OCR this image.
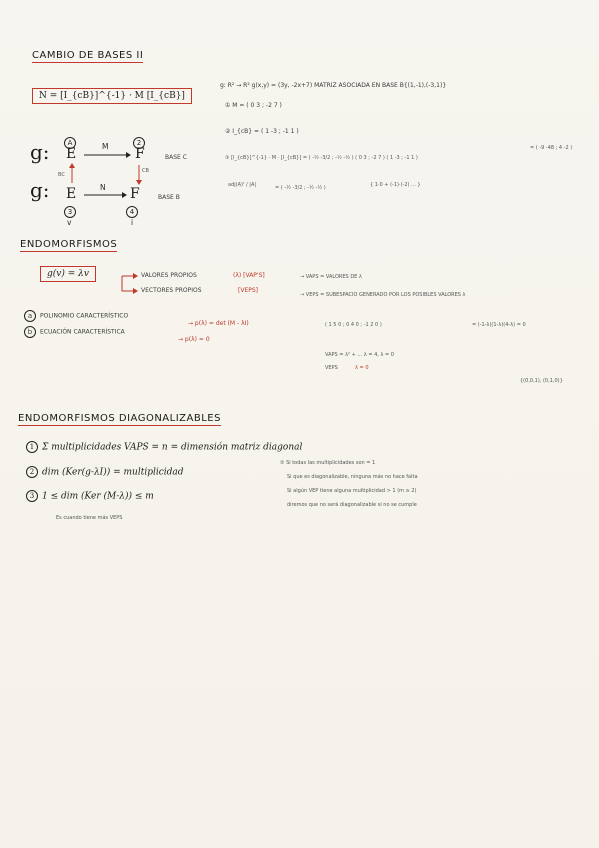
CAMBIO DE BASES II
N = [I_{cB}]^{-1} · M [I_{cB}]
g: R² → R² g(x,y) = (3y, -2x+7) MATRIZ ASOCIADA EN BASE B{(1,-1),(-3,1)}
① M = ( 0 3 ; -2 7 )
② I_{cB} = ( 1 -3 ; -1 1 )
③ [I_{cB}]^{-1} · M · [I_{cB}] = ( -½ -3/2 ; -½ -½ ) ( 0 3 ; -2 7 ) ( 1 -3 ; -1 1 )
= ( -9 -48 ; 4 -2 )
adj(A)ᵗ / |A|	= ( -½ -3/2 ; -½ -½ )	{ 1·0 + (-1)·(-2) ... }
g:
g:
A
E	M	2
F	BASE C
BC
CB
E	N F	BASE B
3	4
v	i
ENDOMORFISMOS
g(v) = λv	VALORES PROPIOS	(λ) [VAP'S]	→ VAPS = VALORES DE λ
VECTORES PROPIOS	[VEPS]
→ VEPS = SUBESPACIO GENERADO POR LOS POSIBLES VALORES λ
a POLINOMIO CARACTERÍSTICO
→ p(λ) = det (M - λI)
b ECUACIÓN CARACTERÍSTICA
→ p(λ) = 0
( 1 5 0 ; 0 4 0 ; -1 2 0 )	= (-1-λ)(1-λ)(4-λ) = 0
VAPS = λ² + ... λ = 4, λ = 0
VEPS	λ = 0
{(0,0,1), (0,1,0)}
ENDOMORFISMOS DIAGONALIZABLES
1 Σ multiplicidades VAPS = n = dimensión matriz diagonal
2 dim (Ker(g-λI)) = multiplicidad
3 1 ≤ dim (Ker (M-λ)) ≤ m
Es cuando tiene más VEPS
② Si todas las multiplicidades son = 1
Si que es diagonalizable, ninguna más no hace falta
Si algún VEP tiene alguna multiplicidad > 1 (m ≥ 2)
diremos que no será diagonalizable si no se cumple
